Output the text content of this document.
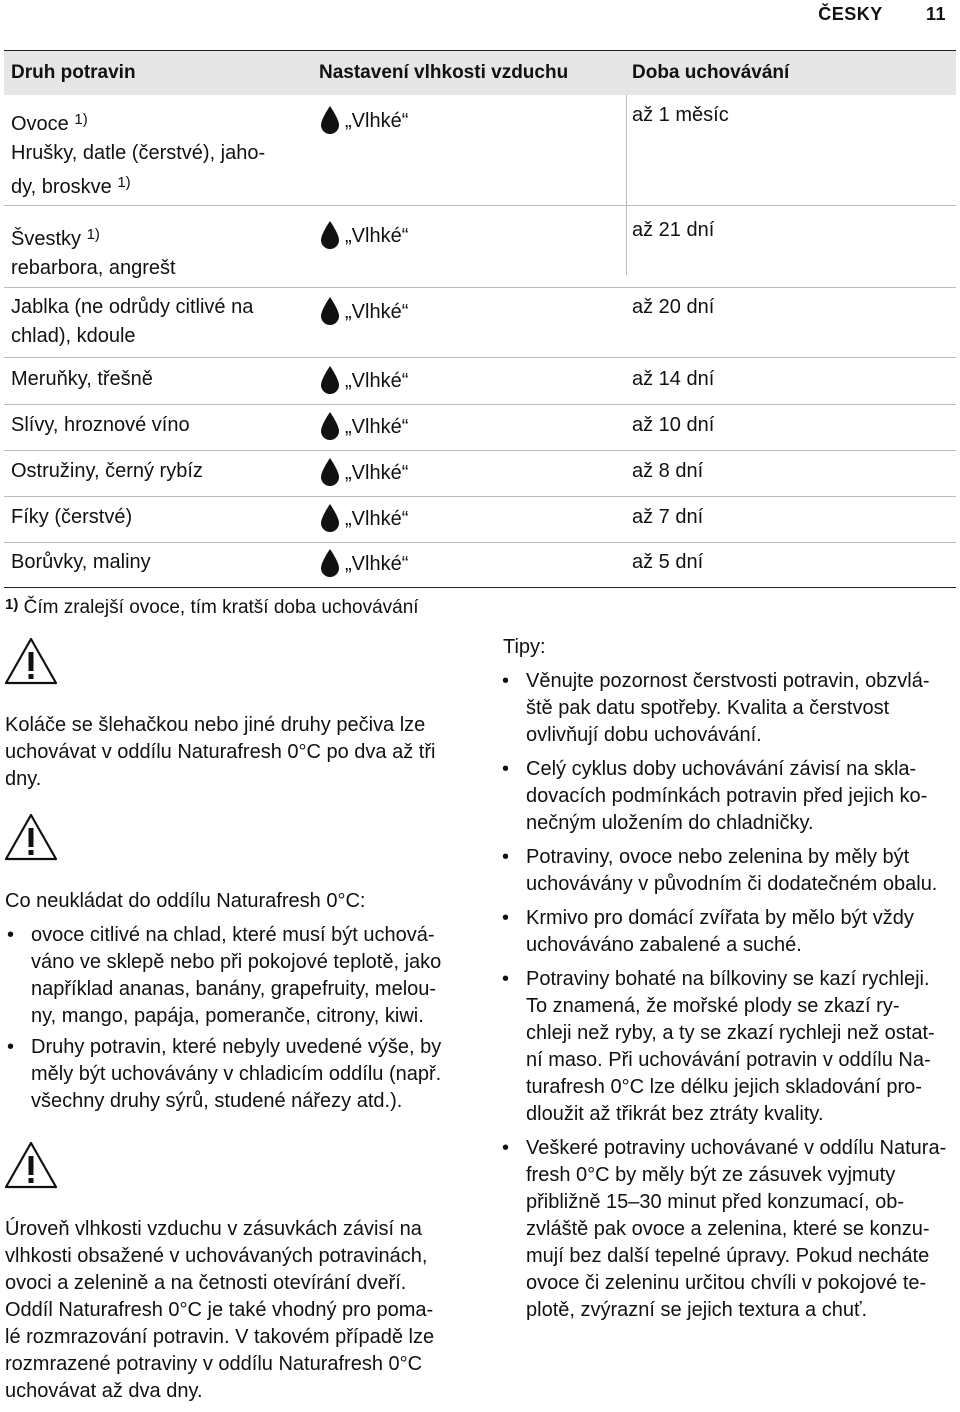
ČESKY 11
Druh potravin	Nastavení vlhkosti vzduchu	Doba uchovávání
Ovoce $^{1)}$
Hrušky, datle (čerstvé), jaho-
dy, broskve $^{1)}$
„Vlhké“	až 1 měsíc
Švestky $^{1)}$
rebarbora, angrešt
„Vlhké“	až 21 dní
Jablka (ne odrůdy citlivé na
chlad), kdoule
„Vlhké“	až 20 dní
Meruňky, třešně	„Vlhké“	až 14 dní
Slívy, hroznové víno	„Vlhké“	až 10 dní
Ostružiny, černý rybíz	„Vlhké“	až 8 dní
Fíky (čerstvé)	„Vlhké“	až 7 dní
Borůvky, maliny	„Vlhké“	až 5 dní
$^{1)}$ Čím zralejší ovoce, tím kratší doba uchovávání
Koláče se šlehačkou nebo jiné druhy pečiva lze
uchovávat v oddílu Naturafresh 0°C po dva až tři
dny.
Co neukládat do oddílu Naturafresh 0°C:
• ovoce citlivé na chlad, které musí být uchová-
váno ve sklepě nebo při pokojové teplotě, jako
například ananas, banány, grapefruity, melou-
ny, mango, papája, pomeranče, citrony, kiwi.
• Druhy potravin, které nebyly uvedené výše, by
měly být uchovávány v chladicím oddílu (např.
všechny druhy sýrů, studené nářezy atd.).
Úroveň vlhkosti vzduchu v zásuvkách závisí na
vlhkosti obsažené v uchovávaných potravinách,
ovoci a zelenině a na četnosti otevírání dveří.
Oddíl Naturafresh 0°C je také vhodný pro poma-
lé rozmrazování potravin. V takovém případě lze
rozmrazené potraviny v oddílu Naturafresh 0°C
uchovávat až dva dny.
Tipy:
• Věnujte pozornost čerstvosti potravin, obzvlá-
ště pak datu spotřeby. Kvalita a čerstvost
ovlivňují dobu uchovávání.
• Celý cyklus doby uchovávání závisí na skla-
dovacích podmínkách potravin před jejich ko-
nečným uložením do chladničky.
• Potraviny, ovoce nebo zelenina by měly být
uchovávány v původním či dodatečném obalu.
• Krmivo pro domácí zvířata by mělo být vždy
uchováváno zabalené a suché.
• Potraviny bohaté na bílkoviny se kazí rychleji.
To znamená, že mořské plody se zkazí ry-
chleji než ryby, a ty se zkazí rychleji než ostat-
ní maso. Při uchovávání potravin v oddílu Na-
turafresh 0°C lze délku jejich skladování pro-
dloužit až třikrát bez ztráty kvality.
• Veškeré potraviny uchovávané v oddílu Natura-
fresh 0°C by měly být ze zásuvek vyjmuty
přibližně 15–30 minut před konzumací, ob-
zvláště pak ovoce a zelenina, které se konzu-
mují bez další tepelné úpravy. Pokud necháte
ovoce či zeleninu určitou chvíli v pokojové te-
plotě, zvýrazní se jejich textura a chuť.
